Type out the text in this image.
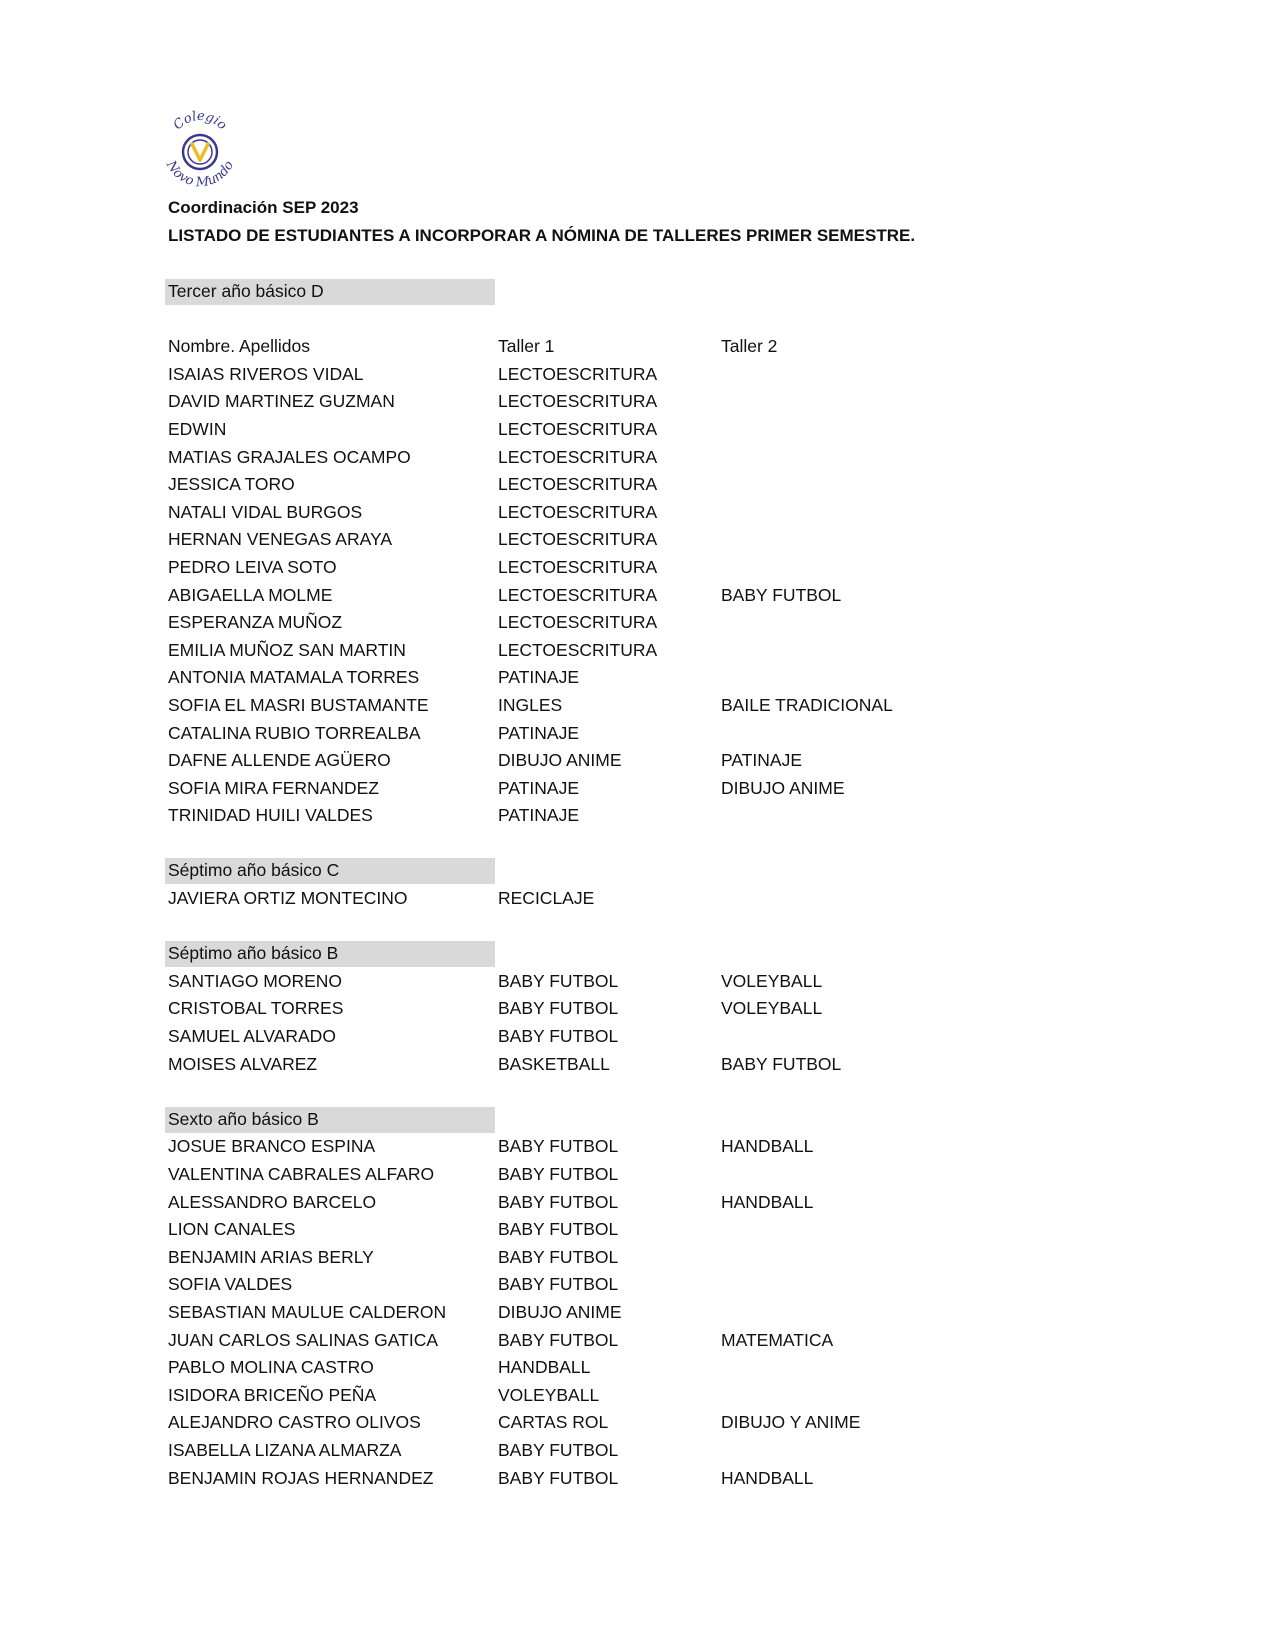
Colegio
Novo Mundo
Coordinación SEP 2023
LISTADO DE ESTUDIANTES A INCORPORAR A NÓMINA DE TALLERES PRIMER SEMESTRE.
Tercer año básico D
Nombre. Apellidos	Taller 1	Taller 2
ISAIAS RIVEROS VIDAL	LECTOESCRITURA
DAVID MARTINEZ GUZMAN	LECTOESCRITURA
EDWIN	LECTOESCRITURA
MATIAS GRAJALES OCAMPO	LECTOESCRITURA
JESSICA TORO	LECTOESCRITURA
NATALI VIDAL BURGOS	LECTOESCRITURA
HERNAN VENEGAS ARAYA	LECTOESCRITURA
PEDRO LEIVA SOTO	LECTOESCRITURA
ABIGAELLA MOLME	LECTOESCRITURA	BABY FUTBOL
ESPERANZA MUÑOZ	LECTOESCRITURA
EMILIA MUÑOZ SAN MARTIN	LECTOESCRITURA
ANTONIA MATAMALA TORRES	PATINAJE
SOFIA EL MASRI BUSTAMANTE	INGLES	BAILE TRADICIONAL
CATALINA RUBIO TORREALBA	PATINAJE
DAFNE ALLENDE AGÜERO	DIBUJO ANIME	PATINAJE
SOFIA MIRA FERNANDEZ	PATINAJE	DIBUJO ANIME
TRINIDAD HUILI VALDES	PATINAJE
Séptimo año básico C
JAVIERA ORTIZ MONTECINO	RECICLAJE
Séptimo año básico B
SANTIAGO MORENO	BABY FUTBOL	VOLEYBALL
CRISTOBAL TORRES	BABY FUTBOL	VOLEYBALL
SAMUEL ALVARADO	BABY FUTBOL
MOISES ALVAREZ	BASKETBALL	BABY FUTBOL
Sexto año básico B
JOSUE BRANCO ESPINA	BABY FUTBOL	HANDBALL
VALENTINA CABRALES ALFARO	BABY FUTBOL
ALESSANDRO BARCELO	BABY FUTBOL	HANDBALL
LION CANALES	BABY FUTBOL
BENJAMIN ARIAS BERLY	BABY FUTBOL
SOFIA VALDES	BABY FUTBOL
SEBASTIAN MAULUE CALDERON	DIBUJO ANIME
JUAN CARLOS SALINAS GATICA	BABY FUTBOL	MATEMATICA
PABLO MOLINA CASTRO	HANDBALL
ISIDORA BRICEÑO PEÑA	VOLEYBALL
ALEJANDRO CASTRO OLIVOS	CARTAS ROL	DIBUJO Y ANIME
ISABELLA LIZANA ALMARZA	BABY FUTBOL
BENJAMIN ROJAS HERNANDEZ	BABY FUTBOL	HANDBALL
